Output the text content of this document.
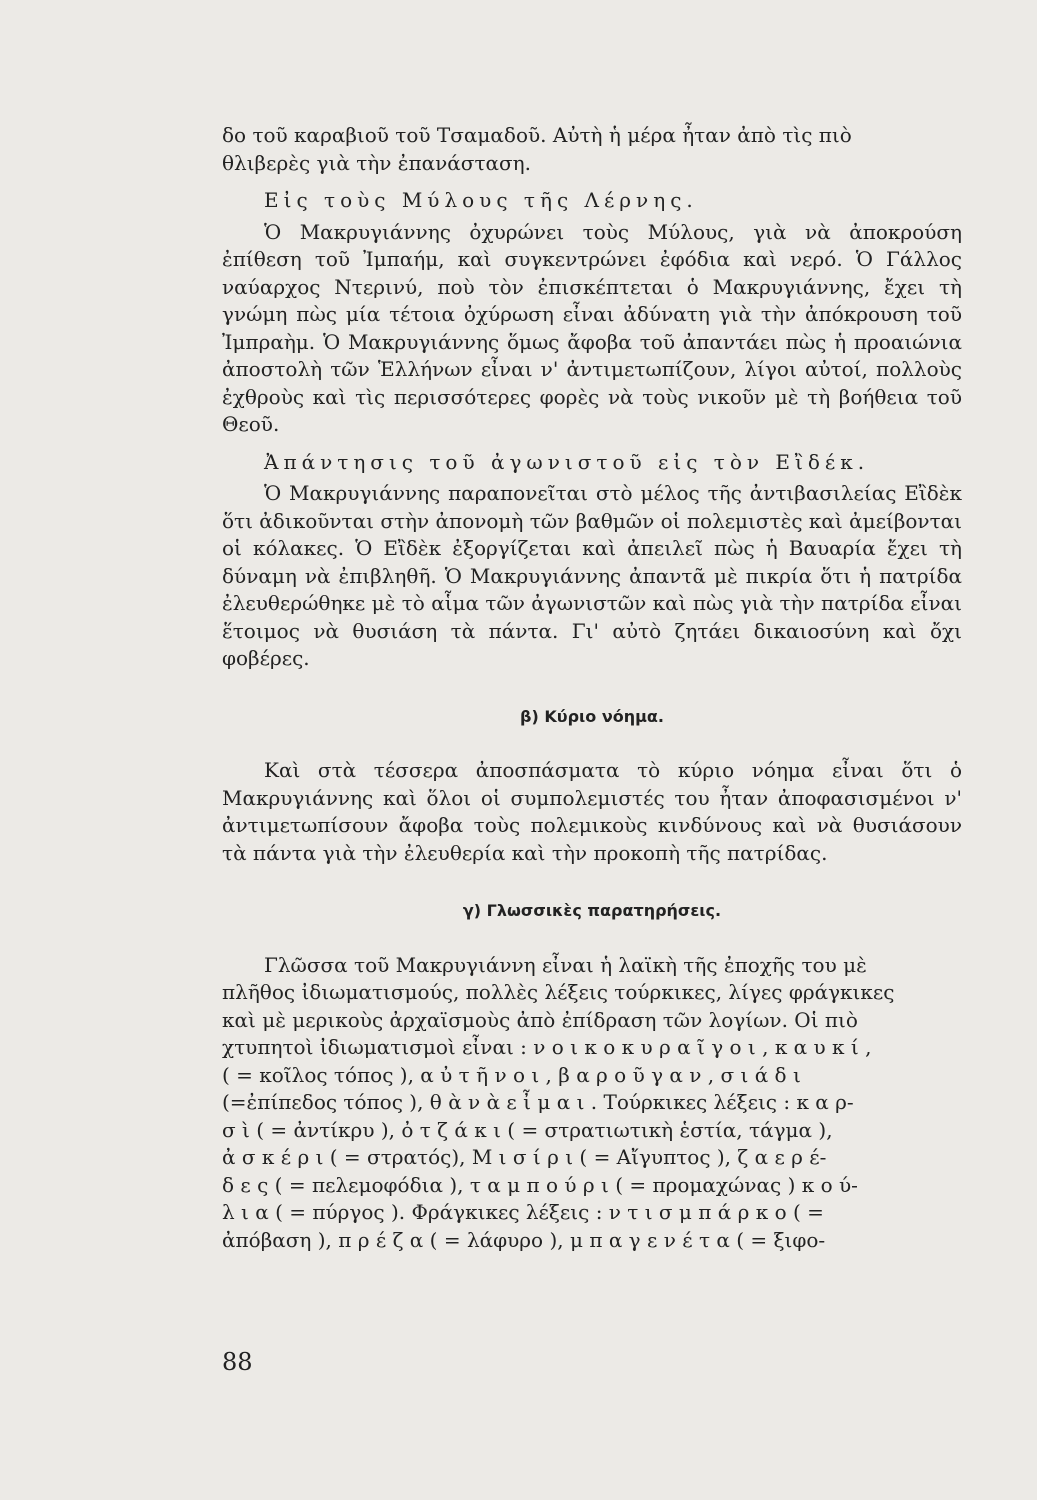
δο τοῦ καραβιοῦ τοῦ Τσαμαδοῦ. Αὐτὴ ἡ μέρα ἦταν ἀπὸ τὶς πιὸ
θλιβερὲς γιὰ τὴν ἐπανάσταση.

Εἰς τοὺς Μύλους τῆς Λέρνης.

Ὁ Μακρυγιάννης ὀχυρώνει τοὺς Μύλους, γιὰ νὰ ἀποκρούση ἐπίθεση τοῦ Ἰμπαήμ, καὶ συγκεντρώνει ἐφόδια καὶ νερό. Ὁ Γάλλος ναύαρχος Ντερινύ, ποὺ τὸν ἐπισκέπτεται ὁ Μακρυγιάννης, ἔχει τὴ γνώμη πὼς μία τέτοια ὀχύρωση εἶναι ἀδύνατη γιὰ τὴν ἀπόκρουση τοῦ Ἰμπραὴμ. Ὁ Μακρυγιάννης ὅμως ἄφοβα τοῦ ἀπαντάει πὼς ἡ προαιώνια ἀποστολὴ τῶν Ἑλλήνων εἶναι ν' ἀντιμετωπίζουν, λίγοι αὐτοί, πολλοὺς ἐχθροὺς καὶ τὶς περισσότερες φορὲς νὰ τοὺς νικοῦν μὲ τὴ βοήθεια τοῦ Θεοῦ.

Ἀπάντησις τοῦ ἀγωνιστοῦ εἰς τὸν Εἲδέκ.

Ὁ Μακρυγιάννης παραπονεῖται στὸ μέλος τῆς ἀντιβασιλείας Εἲδὲκ ὅτι ἀδικοῦνται στὴν ἀπονομὴ τῶν βαθμῶν οἱ πολεμιστὲς καὶ ἀμείβονται οἱ κόλακες. Ὁ Εἲδὲκ ἐξοργίζεται καὶ ἀπειλεῖ πὼς ἡ Βαυαρία ἔχει τὴ δύναμη νὰ ἐπιβληθῆ. Ὁ Μακρυγιάννης ἀπαντᾶ μὲ πικρία ὅτι ἡ πατρίδα ἐλευθερώθηκε μὲ τὸ αἷμα τῶν ἀγωνιστῶν καὶ πὼς γιὰ τὴν πατρίδα εἶναι ἕτοιμος νὰ θυσιάση τὰ πάντα. Γι' αὐτὸ ζητάει δικαιοσύνη καὶ ὄχι φοβέρες.

β) Κύριο νόημα.

Καὶ στὰ τέσσερα ἀποσπάσματα τὸ κύριο νόημα εἶναι ὅτι ὁ Μακρυγιάννης καὶ ὅλοι οἱ συμπολεμιστές του ἦταν ἀποφασισμένοι ν' ἀντιμετωπίσουν ἄφοβα τοὺς πολεμικοὺς κινδύνους καὶ νὰ θυσιάσουν τὰ πάντα γιὰ τὴν ἐλευθερία καὶ τὴν προκοπὴ τῆς πατρίδας.

γ) Γλωσσικὲς παρατηρήσεις.

Γλῶσσα τοῦ Μακρυγιάννη εἶναι ἡ λαϊκὴ τῆς ἐποχῆς του μὲ
πλῆθος ἰδιωματισμούς, πολλὲς λέξεις τούρκικες, λίγες φράγκικες
καὶ μὲ μερικοὺς ἀρχαϊσμοὺς ἀπὸ ἐπίδραση τῶν λογίων. Οἱ πιὸ
χτυπητοὶ ἰδιωματισμοὶ εἶναι : ν ο ι κ ο κ υ ρ α ῖ γ ο ι , κ α υ κ ί ,
( = κοῖλος τόπος ), α ὐ τ ῆ ν ο ι , β α ρ ο ῦ γ α ν , σ ι ά δ ι
(=ἐπίπεδος τόπος ), θ ὰ ν ὰ ε ἶ μ α ι . Τούρκικες λέξεις : κ α ρ-
σ ὶ ( = ἀντίκρυ ), ὀ τ ζ ά κ ι ( = στρατιωτικὴ ἑστία, τάγμα ),
ἀ σ κ έ ρ ι ( = στρατός), Μ ι σ ί ρ ι ( = Αἴγυπτος ), ζ α ε ρ έ-
δ ε ς ( = πελεμοφόδια ), τ α μ π ο ύ ρ ι ( = προμαχώνας ) κ ο ύ-
λ ι α ( = πύργος ). Φράγκικες λέξεις : ν τ ι σ μ π ά ρ κ ο ( =
ἀπόβαση ), π ρ έ ζ α ( = λάφυρο ), μ π α γ ε ν έ τ α ( = ξιφο-

88
